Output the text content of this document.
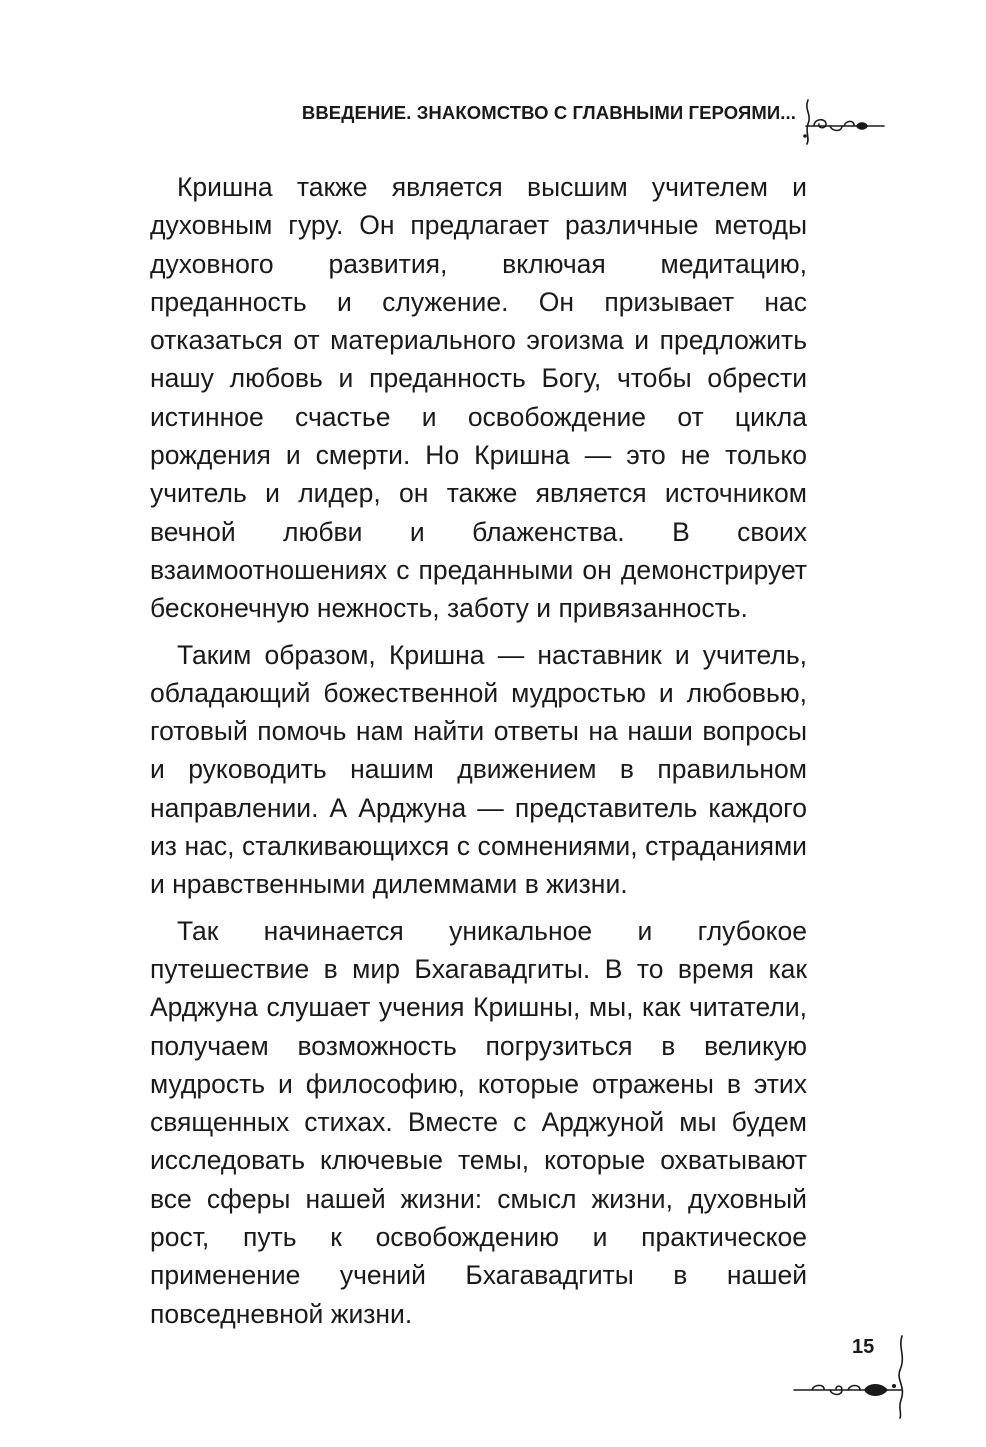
ВВЕДЕНИЕ. ЗНАКОМСТВО С ГЛАВНЫМИ ГЕРОЯМИ...

Кришна также является высшим учителем и духовным гуру. Он предлагает различные методы духовного развития, включая медитацию, преданность и служение. Он призывает нас отказаться от материального эгоизма и предложить нашу любовь и преданность Богу, чтобы обрести истинное счастье и освобождение от цикла рождения и смерти. Но Кришна — это не только учитель и лидер, он также является источником вечной любви и блаженства. В своих взаимоотношениях с преданными он демонстрирует бесконечную нежность, заботу и привязанность.

Таким образом, Кришна — наставник и учитель, обладающий божественной мудростью и любовью, готовый помочь нам найти ответы на наши вопросы и руководить нашим движением в правильном направлении. А Арджуна — представитель каждого из нас, сталкивающихся с сомнениями, страданиями и нравственными дилеммами в жизни.

Так начинается уникальное и глубокое путешествие в мир Бхагавадгиты. В то время как Арджуна слушает учения Кришны, мы, как читатели, получаем возможность погрузиться в великую мудрость и философию, которые отражены в этих священных стихах. Вместе с Арджуной мы будем исследовать ключевые темы, которые охватывают все сферы нашей жизни: смысл жизни, духовный рост, путь к освобождению и практическое применение учений Бхагавадгиты в нашей повседневной жизни.

15
